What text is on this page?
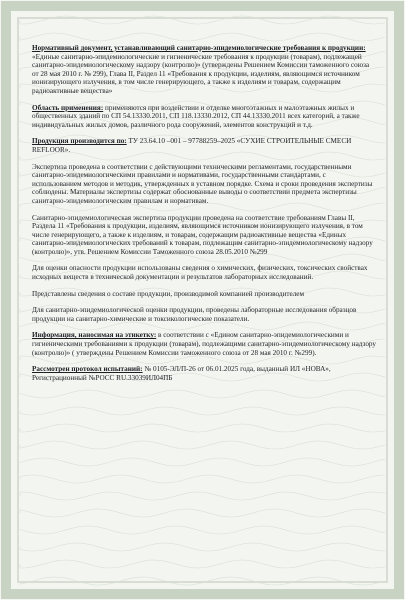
Нормативный документ, устанавливающий санитарно-эпидемиологические требования к продукции: «Единые санитарно-эпидемиологические и гигиенические требования к продукции (товарам), подлежащей санитарно-эпидемиологическому надзору (контролю)» (утверждены Решением Комиссии таможенного союза от 28 мая 2010 г. № 299), Глава II, Раздел 11 «Требования к продукции, изделиям, являющимся источником ионизирующего излучения, в том числе генерирующего, а также к изделиям и товарам, содержащим радиоактивные вещества»

Область применения: применяются при воздействии и отделке многоэтажных и малоэтажных жилых и общественных зданий по СП 54.13330.2011, СП 118.13330.2012, СП 44.13330.2011 всех категорий, а также индивидуальных жилых домов, различного рода сооружений, элементов конструкций и т.д.

Продукция производится по: ТУ 23.64.10 –001 – 97788259–2025 «СУХИЕ СТРОИТЕЛЬНЫЕ СМЕСИ REFLOOR».

Экспертиза проведена в соответствии с действующими техническими регламентами, государственными санитарно-эпидемиологическими правилами и нормативами, государственными стандартами, с использованием методов и методик, утвержденных в уставном порядке. Схема и сроки проведения экспертизы соблюдены. Материалы экспертизы содержат обоснованные выводы о соответствии предмета экспертизы санитарно-эпидемиологическим правилам и нормативам.

Санитарно-эпидемиологическая экспертиза продукции проведена на соответствие требованиям Главы II, Раздела 11 «Требования к продукции, изделиям, являющимся источником ионизирующего излучения, в том числе генерирующего, а также к изделиям, и товарам, содержащим радиоактивные вещества «Единых санитарно-эпидемиологических требований к товарам, подлежащим санитарно-эпидемиологическому надзору (контролю)», утв. Решением Комиссии Таможенного союза 28.05.2010 №299

Для оценки опасности продукции использованы сведения о химических, физических, токсических свойствах исходных веществ в технической документации и результатов лабораторных исследований.

Представлены сведения о составе продукции, производимой компанией производителем

Для санитарно-эпидемиологической оценки продукции, проведены лабораторные исследования образцов продукции на санитарно-химические и токсикологические показатели.

Информация, наносимая на этикетку: в соответствии с «Едином санитарно-эпидемиологическими и гигиеническими требованиями к продукции (товарам), подлежащими санитарно-эпидемиологическому надзору (контролю)» ( утверждены Решением Комиссии таможенного союза от 28 мая 2010 г. №299).

Рассмотрен протокол испытаний: № 0105-ЭЛ/П-26 от 06.01.2025 года, выданный ИЛ «НОВА», Регистрационный №РОСС RU.33039ИЛ04ПБ
